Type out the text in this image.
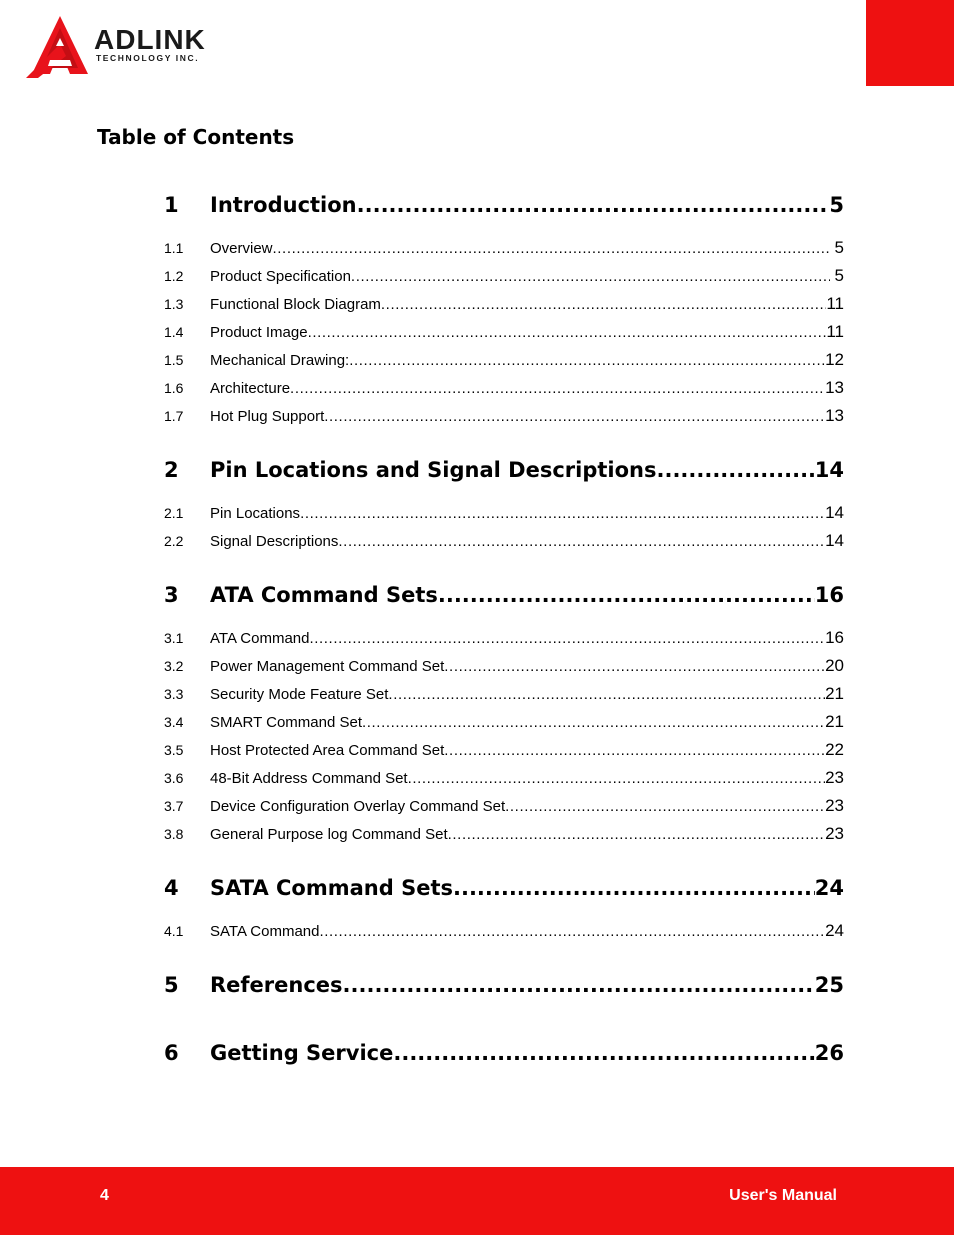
ADLINK
TECHNOLOGY INC.
Table of Contents
1	Introduction .....	5
1.1	Overview .....	5
1.2	Product Specification .....	5
1.3	Functional Block Diagram .....	11
1.4	Product Image .....	11
1.5	Mechanical Drawing: .....	12
1.6	Architecture .....	13
1.7	Hot Plug Support .....	13
2	Pin Locations and Signal Descriptions .....	14
2.1	Pin Locations .....	14
2.2	Signal Descriptions .....	14
3	ATA Command Sets .....	16
3.1	ATA Command .....	16
3.2	Power Management Command Set .....	20
3.3	Security Mode Feature Set .....	21
3.4	SMART Command Set .....	21
3.5	Host Protected Area Command Set .....	22
3.6	48-Bit Address Command Set .....	23
3.7	Device Configuration Overlay Command Set .....	23
3.8	General Purpose log Command Set .....	23
4	SATA Command Sets .....	24
4.1	SATA Command .....	24
5	References .....	25
6	Getting Service .....	26
4	User's Manual
